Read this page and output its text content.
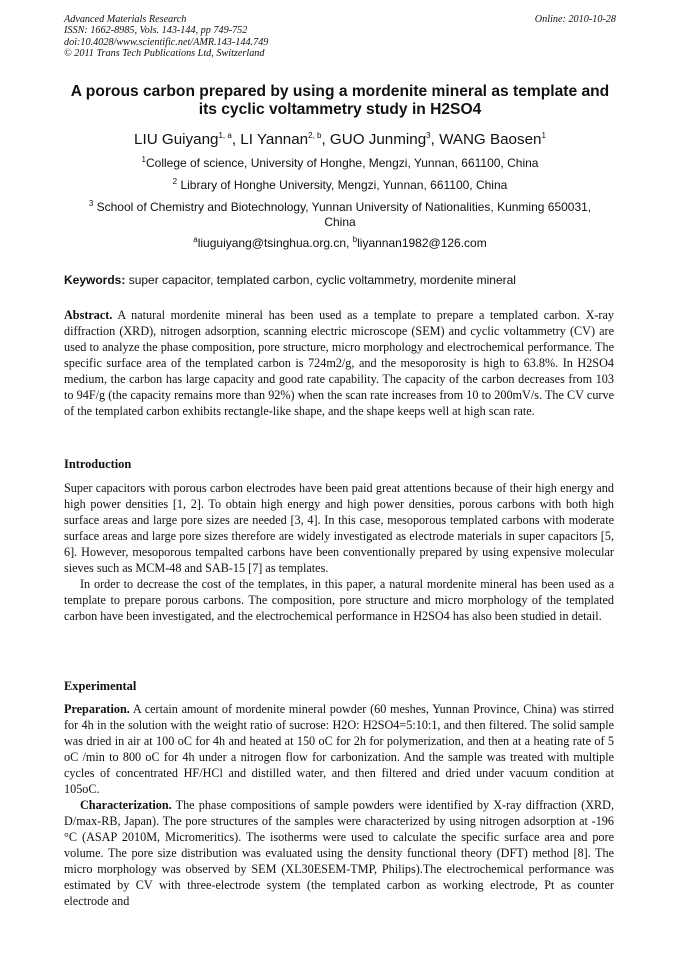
Advanced Materials Research
ISSN: 1662-8985, Vols. 143-144, pp 749-752
doi:10.4028/www.scientific.net/AMR.143-144.749
© 2011 Trans Tech Publications Ltd, Switzerland
Online: 2010-10-28
A porous carbon prepared by using a mordenite mineral as template and
its cyclic voltammetry study in H2SO4
LIU Guiyang$^{1, a}$, LI Yannan$^{2, b}$, GUO Junming$^3$, WANG Baosen$^1$
$^1$College of science, University of Honghe, Mengzi, Yunnan, 661100, China
$^2$ Library of Honghe University, Mengzi, Yunnan, 661100, China
$^3$ School of Chemistry and Biotechnology, Yunnan University of Nationalities, Kunming 650031,
China
$^a$liuguiyang@tsinghua.org.cn, $^b$liyannan1982@126.com
Keywords: super capacitor, templated carbon, cyclic voltammetry, mordenite mineral

Abstract. A natural mordenite mineral has been used as a template to prepare a templated carbon. X-ray diffraction (XRD), nitrogen adsorption, scanning electric microscope (SEM) and cyclic voltammetry (CV) are used to analyze the phase composition, pore structure, micro morphology and electrochemical performance. The specific surface area of the templated carbon is 724m2/g, and the mesoporosity is high to 63.8%. In H2SO4 medium, the carbon has large capacity and good rate capability. The capacity of the carbon decreases from 103 to 94F/g (the capacity remains more than 92%) when the scan rate increases from 10 to 200mV/s. The CV curve of the templated carbon exhibits rectangle-like shape, and the shape keeps well at high scan rate.

Introduction

Super capacitors with porous carbon electrodes have been paid great attentions because of their high energy and high power densities [1, 2]. To obtain high energy and high power densities, porous carbons with both high surface areas and large pore sizes are needed [3, 4]. In this case, mesoporous templated carbons with moderate surface areas and large pore sizes therefore are widely investigated as electrode materials in super capacitors [5, 6]. However, mesoporous tempalted carbons have been conventionally prepared by using expensive molecular sieves such as MCM-48 and SAB-15 [7] as templates.

In order to decrease the cost of the templates, in this paper, a natural mordenite mineral has been used as a template to prepare porous carbons. The composition, pore structure and micro morphology of the templated carbon have been investigated, and the electrochemical performance in H2SO4 has also been studied in detail.

Experimental

Preparation. A certain amount of mordenite mineral powder (60 meshes, Yunnan Province, China) was stirred for 4h in the solution with the weight ratio of sucrose: H2O: H2SO4=5:10:1, and then filtered. The solid sample was dried in air at 100 oC for 4h and heated at 150 oC for 2h for polymerization, and then at a heating rate of 5 oC /min to 800 oC for 4h under a nitrogen flow for carbonization. And the sample was treated with multiple cycles of concentrated HF/HCl and distilled water, and then filtered and dried under vacuum condition at 105oC.

Characterization. The phase compositions of sample powders were identified by X-ray diffraction (XRD, D/max-RB, Japan). The pore structures of the samples were characterized by using nitrogen adsorption at -196 °C (ASAP 2010M, Micromeritics). The isotherms were used to calculate the specific surface area and pore volume. The pore size distribution was evaluated using the density functional theory (DFT) method [8]. The micro morphology was observed by SEM (XL30ESEM-TMP, Philips).The electrochemical performance was estimated by CV with three-electrode system (the templated carbon as working electrode, Pt as counter electrode and
